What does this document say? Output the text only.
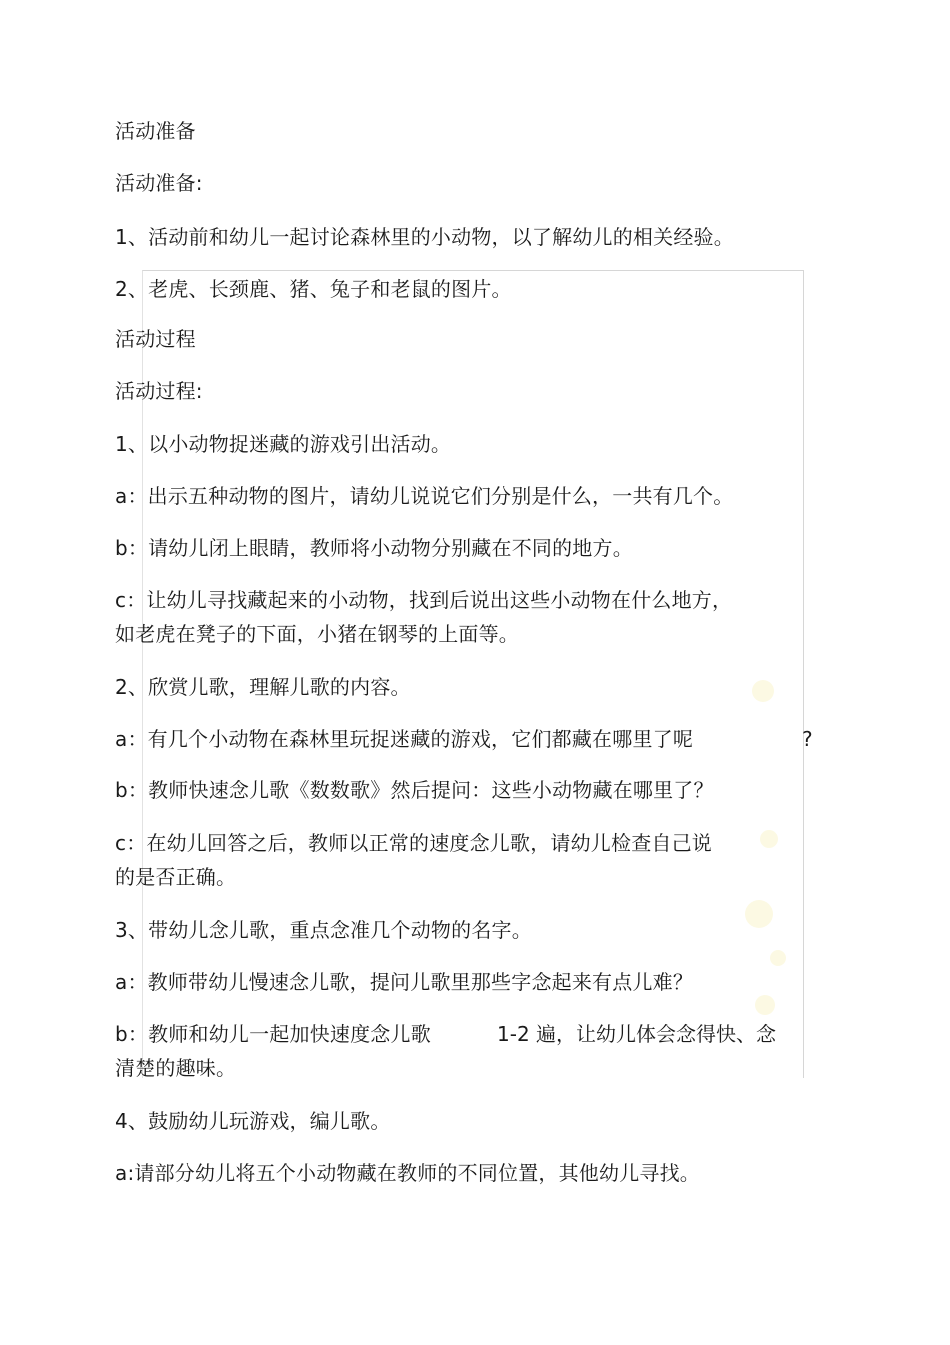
活动准备
活动准备:
1、活动前和幼儿一起讨论森林里的小动物，以了解幼儿的相关经验。
2、老虎、长颈鹿、猪、兔子和老鼠的图片。
活动过程
活动过程:
1、以小动物捉迷藏的游戏引出活动。
a：出示五种动物的图片，请幼儿说说它们分别是什么，一共有几个。
b：请幼儿闭上眼睛，教师将小动物分别藏在不同的地方。
c：让幼儿寻找藏起来的小动物，找到后说出这些小动物在什么地方，
如老虎在凳子的下面，小猪在钢琴的上面等。
2、欣赏儿歌，理解儿歌的内容。
a：有几个小动物在森林里玩捉迷藏的游戏，它们都藏在哪里了呢	?
b：教师快速念儿歌《数数歌》然后提问：这些小动物藏在哪里了？
c：在幼儿回答之后，教师以正常的速度念儿歌，请幼儿检查自己说
的是否正确。
3、带幼儿念儿歌，重点念准几个动物的名字。
a：教师带幼儿慢速念儿歌，提问儿歌里那些字念起来有点儿难？
b：教师和幼儿一起加快速度念儿歌	1-2 遍，让幼儿体会念得快、念
清楚的趣味。
4、鼓励幼儿玩游戏，编儿歌。
a:请部分幼儿将五个小动物藏在教师的不同位置，其他幼儿寻找。
